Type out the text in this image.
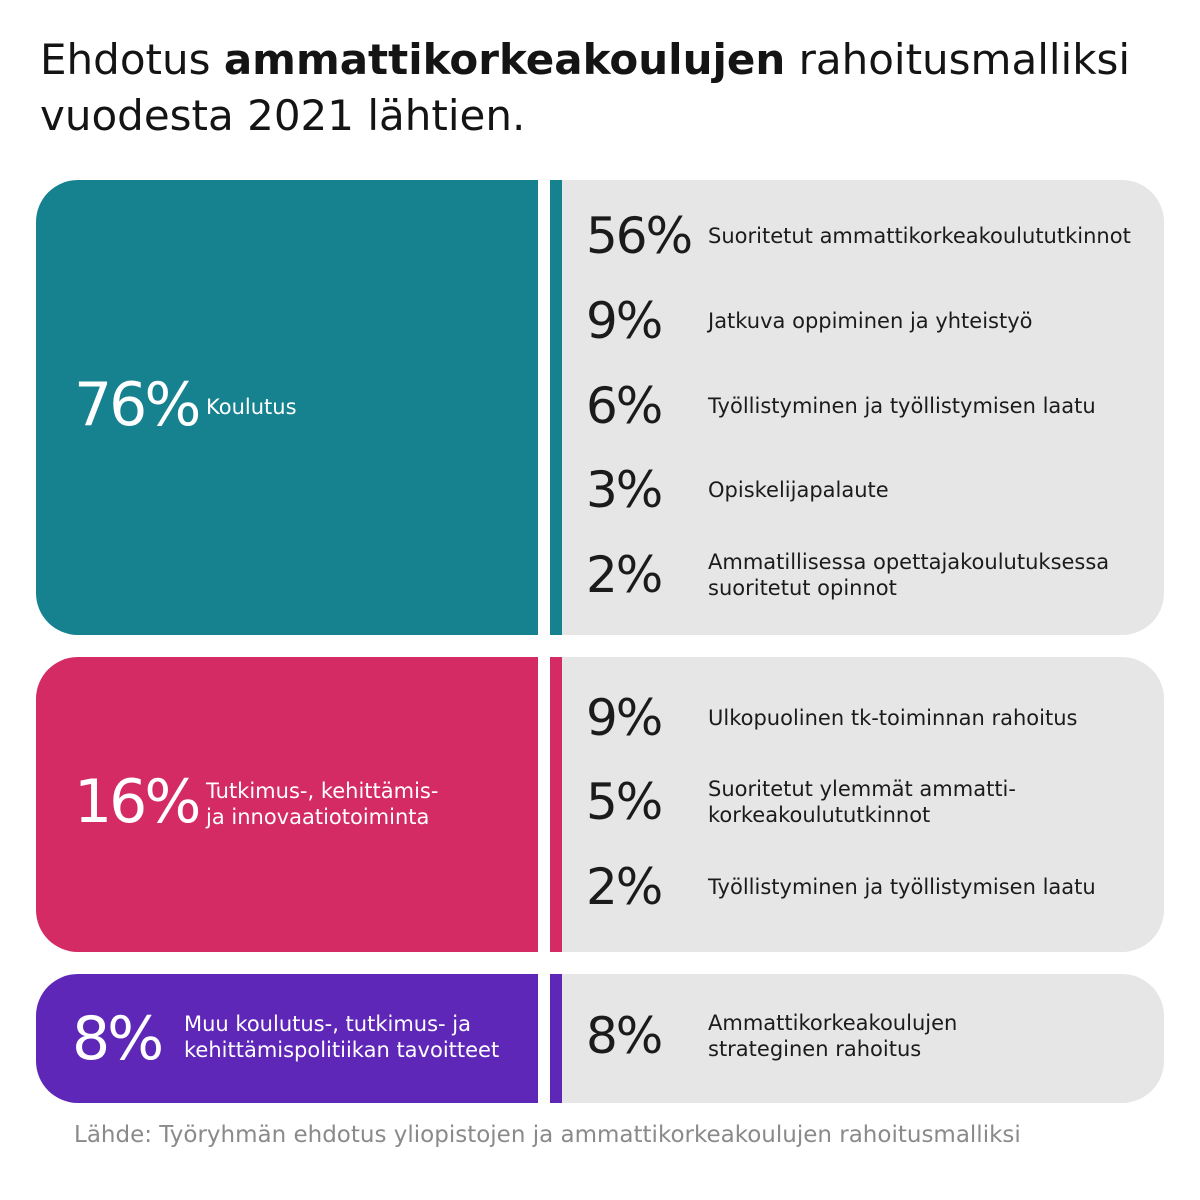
Ehdotus ammattikorkeakoulujen rahoitusmalliksi vuodesta 2021 lähtien.
76% Koulutus
56% Suoritetut ammattikorkeakoulututkinnot
9% Jatkuva oppiminen ja yhteistyö
6% Työllistyminen ja työllistymisen laatu
3% Opiskelijapalaute
2% Ammatillisessa opettajakoulutuksessa
suoritetut opinnot
16% Tutkimus-, kehittämis-
ja innovaatiotoiminta
9% Ulkopuolinen tk-toiminnan rahoitus
5% Suoritetut ylemmät ammatti-
korkeakoulututkinnot
2% Työllistyminen ja työllistymisen laatu
8% Muu koulutus-, tutkimus- ja
kehittämispolitiikan tavoitteet 8% Ammattikorkeakoulujen
strateginen rahoitus
Lähde: Työryhmän ehdotus yliopistojen ja ammattikorkeakoulujen rahoitusmalliksi
